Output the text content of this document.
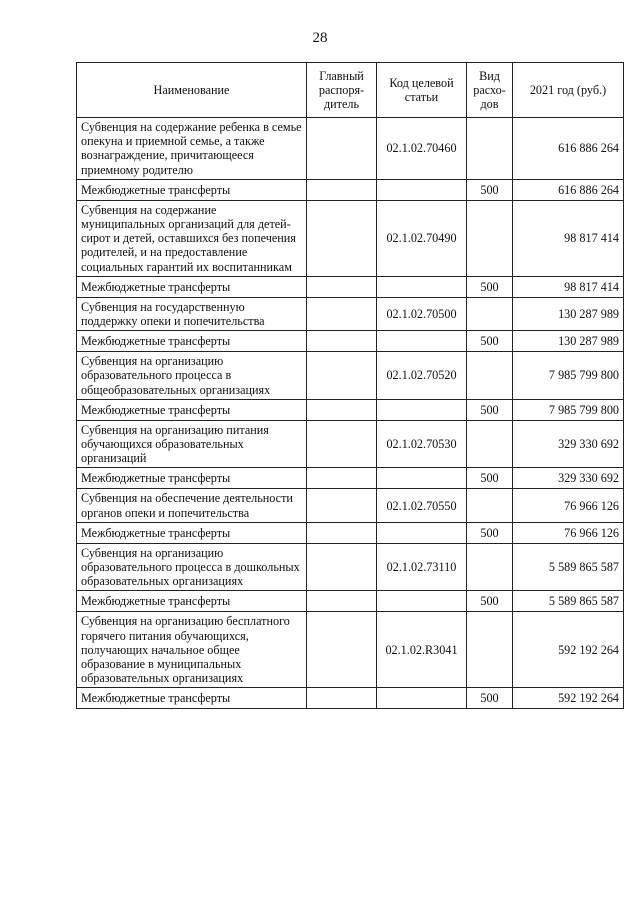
28
Наименование	Главный распоря-дитель	Код целевой статьи	Вид расхо-дов	2021 год (руб.)
Субвенция на содержание ребенка в семье опекуна и приемной семье, а также вознаграждение, причитающееся приемному родителю		02.1.02.70460		616 886 264
Межбюджетные трансферты			500	616 886 264
Субвенция на содержание муниципальных организаций для детей-сирот и детей, оставшихся без попечения родителей, и на предоставление социальных гарантий их воспитанникам		02.1.02.70490		98 817 414
Межбюджетные трансферты			500	98 817 414
Субвенция на государственную поддержку опеки и попечительства		02.1.02.70500		130 287 989
Межбюджетные трансферты			500	130 287 989
Субвенция на организацию образовательного процесса в общеобразовательных организациях		02.1.02.70520		7 985 799 800
Межбюджетные трансферты			500	7 985 799 800
Субвенция на организацию питания обучающихся образовательных организаций		02.1.02.70530		329 330 692
Межбюджетные трансферты			500	329 330 692
Субвенция на обеспечение деятельности органов опеки и попечительства		02.1.02.70550		76 966 126
Межбюджетные трансферты			500	76 966 126
Субвенция на организацию образовательного процесса в дошкольных образовательных организациях		02.1.02.73110		5 589 865 587
Межбюджетные трансферты			500	5 589 865 587
Субвенция на организацию бесплатного горячего питания обучающихся, получающих начальное общее образование в муниципальных образовательных организациях		02.1.02.R3041		592 192 264
Межбюджетные трансферты			500	592 192 264
